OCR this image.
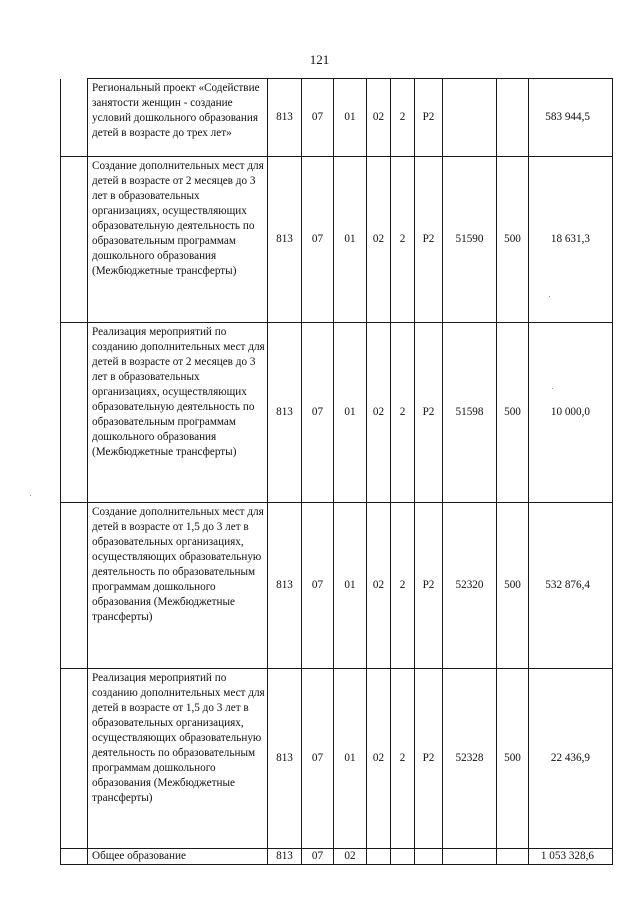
121
	Региональный проект «Содействие занятости женщин - создание условий дошкольного образования детей в возрасте до трех лет»	813	07	01	02	2	Р2			583 944,5
	Создание дополнительных мест для детей в возрасте от 2 месяцев до 3 лет в образовательных организациях, осуществляющих образовательную деятельность по образовательным программам дошкольного образования (Межбюджетные трансферты)	813	07	01	02	2	Р2	51590	500	18 631,3
	Реализация мероприятий по созданию дополнительных мест для детей в возрасте от 2 месяцев до 3 лет в образовательных организациях, осуществляющих образовательную деятельность по образовательным программам дошкольного образования (Межбюджетные трансферты)	813	07	01	02	2	Р2	51598	500	10 000,0
	Создание дополнительных мест для детей в возрасте от 1,5 до 3 лет в образовательных организациях, осуществляющих образовательную деятельность по образовательным программам дошкольного образования (Межбюджетные трансферты)	813	07	01	02	2	Р2	52320	500	532 876,4
	Реализация мероприятий по созданию дополнительных мест для детей в возрасте от 1,5 до 3 лет в образовательных организациях, осуществляющих образовательную деятельность по образовательным программам дошкольного образования (Межбюджетные трансферты)	813	07	01	02	2	Р2	52328	500	22 436,9
	Общее образование	813	07	02						1 053 328,6
